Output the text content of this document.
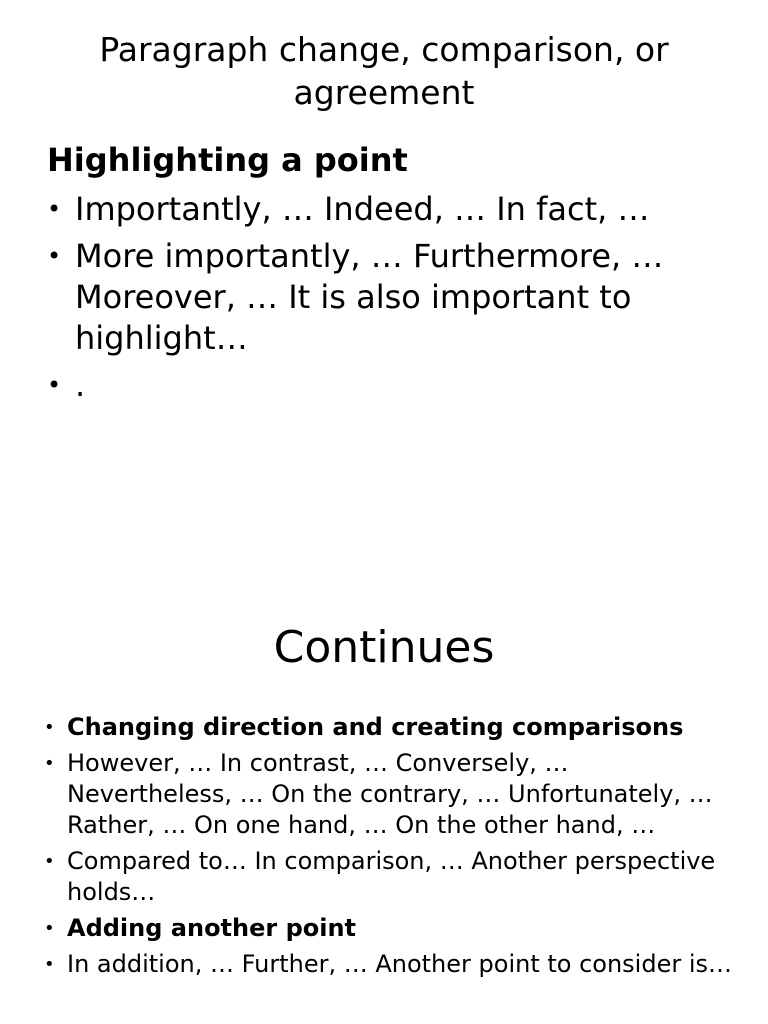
Paragraph change, comparison, or agreement
Highlighting a point
• Importantly, … Indeed, … In fact, …
• More importantly, … Furthermore, … Moreover, … It is also important to highlight…
• .
Continues
• Changing direction and creating comparisons
• However, … In contrast, … Conversely, … Nevertheless, … On the contrary, … Unfortunately, … Rather, … On one hand, … On the other hand, …
• Compared to… In comparison, … Another perspective holds…
• Adding another point
• In addition, … Further, … Another point to consider is…
